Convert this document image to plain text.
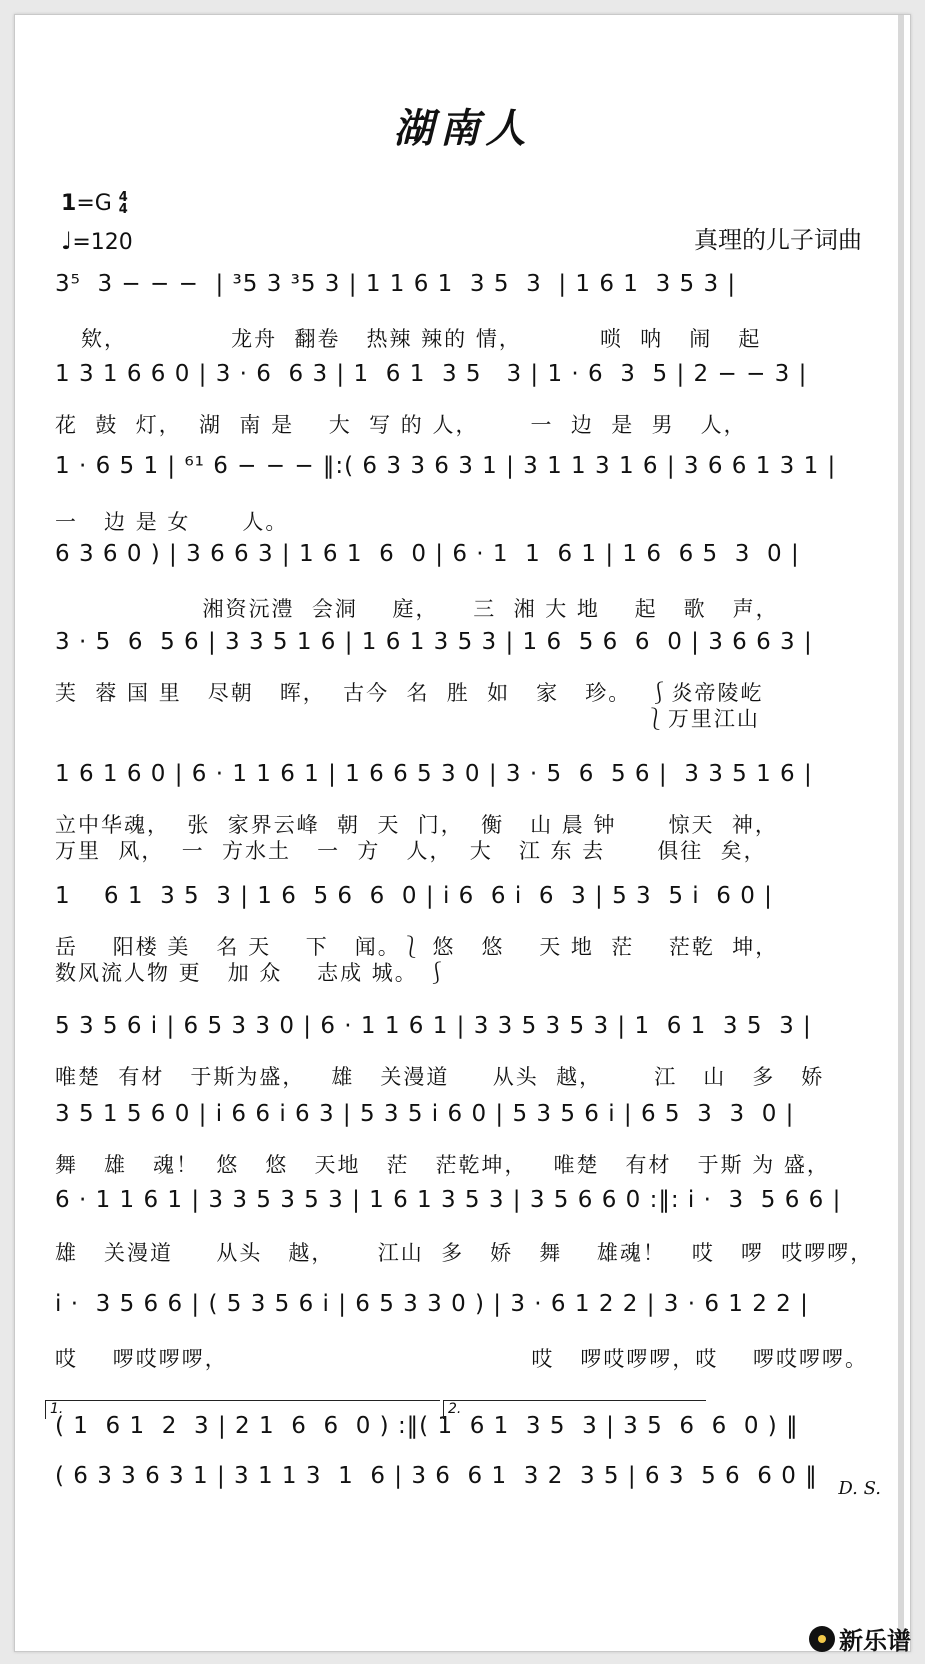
湖南人
1=G 4
4
♩=120	真理的儿子词曲
3⁵  3 − − −  | ³5 3 ³5 3 | 1 1 6 1  3 5  3  | 1 6 1  3 5 3 |
欸，            龙舟  翻卷   热辣 辣的 情，         唢  呐   闹   起
1 3 1 6 6 0 | 3 · 6  6 3 | 1  6 1  3 5   3 | 1 · 6  3  5 | 2 − − 3 |
花  鼓  灯，  湖  南 是    大  写 的 人，      一  边  是  男   人，
1 · 6 5 1 | ⁶¹ 6 − − − ‖:( 6 3 3 6 3 1 | 3 1 1 3 1 6 | 3 6 6 1 3 1 |
一   边 是 女      人。
6 3 6 0 ) | 3 6 6 3 | 1 6 1  6  0 | 6 · 1  1  6 1 | 1 6  6 5  3  0 |
湘资沅澧  会洞    庭，    三  湘 大 地    起   歌   声，
3 · 5  6  5 6 | 3 3 5 1 6 | 1 6 1 3 5 3 | 1 6  5 6  6  0 | 3 6 6 3 |
芙  蓉 国 里   尽朝   晖，  古今  名  胜  如   家   珍。  ⎰炎帝陵屹
⎱万里江山
1 6 1 6 0 | 6 · 1 1 6 1 | 1 6 6 5 3 0 | 3 · 5  6  5 6 |  3 3 5 1 6 |
立中华魂，  张  家界云峰  朝  天  门，  衡   山 晨 钟      惊天  神，
万里  风，  一  方水土   一  方   人，  大   江 东 去      俱往  矣，
1    6 1  3 5  3 | 1 6  5 6  6  0 | i 6  6 i  6  3 | 5 3  5 i  6 0 |
岳    阳楼 美   名 天    下   闻。⎱ 悠   悠    天 地  茫    茫乾  坤，
数风流人物 更   加 众    志成 城。 ⎰
5 3 5 6 i | 6 5 3 3 0 | 6 · 1 1 6 1 | 3 3 5 3 5 3 | 1  6 1  3 5  3 |
唯楚  有材   于斯为盛，   雄   关漫道     从头  越，      江   山   多   娇
3 5 1 5 6 0 | i 6 6 i 6 3 | 5 3 5 i 6 0 | 5 3 5 6 i | 6 5  3  3  0 |
舞   雄   魂！  悠   悠   天地   茫   茫乾坤，   唯楚   有材   于斯 为 盛，
6 · 1 1 6 1 | 3 3 5 3 5 3 | 1 6 1 3 5 3 | 3 5 6 6 0 :‖: i ·  3  5 6 6 |
雄   关漫道     从头   越，     江山  多   娇   舞    雄魂！   哎   啰  哎啰啰，
i ·  3 5 6 6 | ( 5 3 5 6 i | 6 5 3 3 0 ) | 3 · 6 1 2 2 | 3 · 6 1 2 2 |
哎    啰哎啰啰，                                   哎   啰哎啰啰，哎    啰哎啰啰。
( 1  6 1  2  3 | 2 1  6  6  0 ) :‖( 1  6 1  3 5  3 | 3 5  6  6  0 ) ‖
( 6 3 3 6 3 1 | 3 1 1 3  1  6 | 3 6  6 1  3 2  3 5 | 6 3  5 6  6 0 ‖
1.	2.
D. S.
新乐谱
